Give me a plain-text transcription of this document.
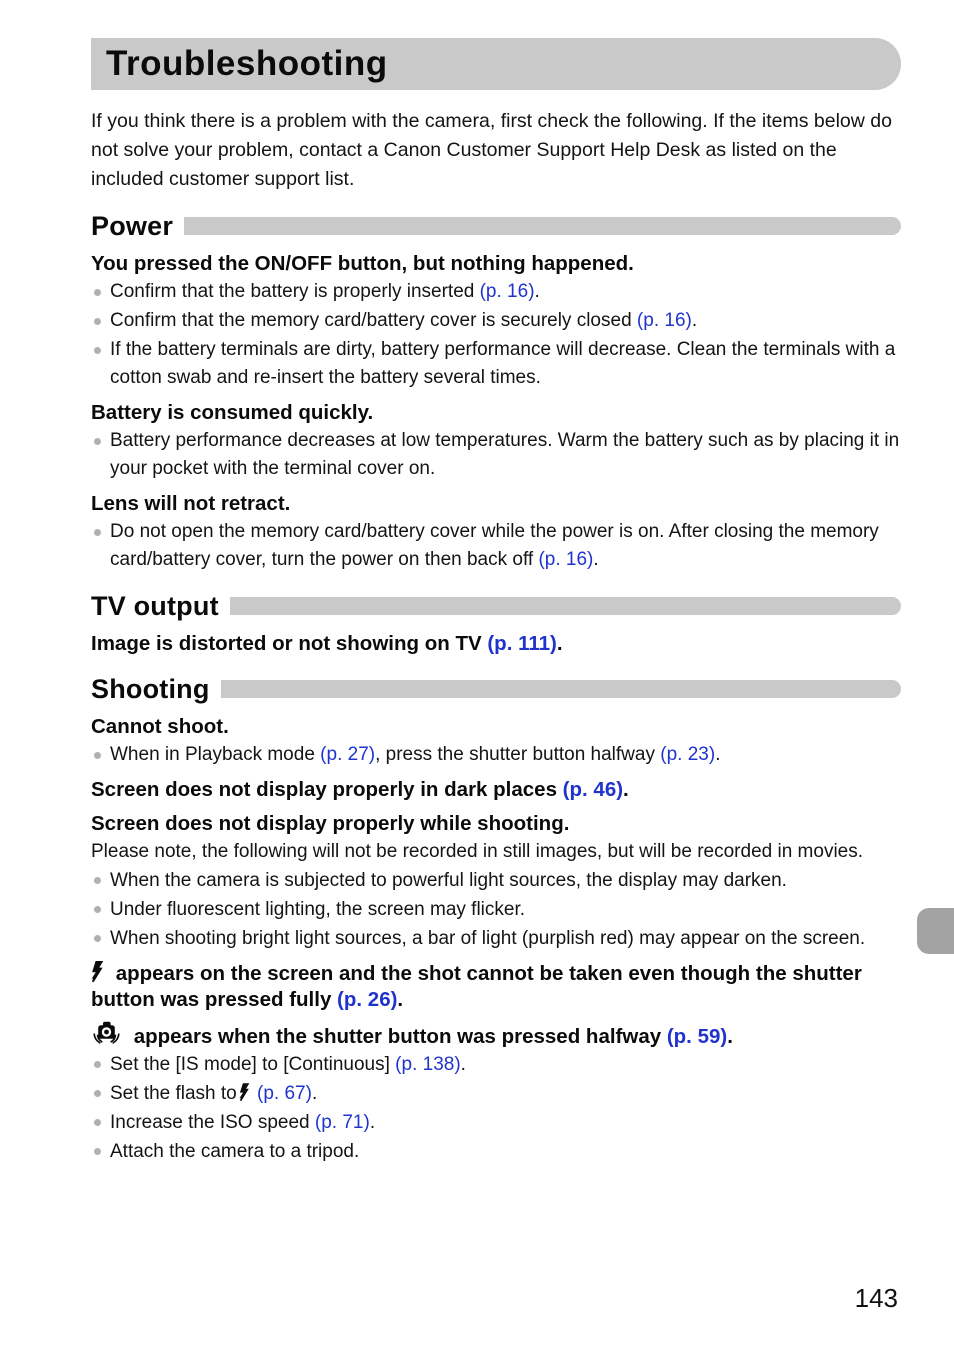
Troubleshooting

If you think there is a problem with the camera, first check the following. If the items below do not solve your problem, contact a Canon Customer Support Help Desk as listed on the included customer support list.

Power
You pressed the ON/OFF button, but nothing happened.
Confirm that the battery is properly inserted (p. 16).
Confirm that the memory card/battery cover is securely closed (p. 16).
If the battery terminals are dirty, battery performance will decrease. Clean the terminals with a cotton swab and re-insert the battery several times.
Battery is consumed quickly.
Battery performance decreases at low temperatures. Warm the battery such as by placing it in your pocket with the terminal cover on.
Lens will not retract.
Do not open the memory card/battery cover while the power is on. After closing the memory card/battery cover, turn the power on then back off (p. 16).
TV output
Image is distorted or not showing on TV (p. 111).
Shooting
Cannot shoot.
When in Playback mode (p. 27), press the shutter button halfway (p. 23).
Screen does not display properly in dark places (p. 46).
Screen does not display properly while shooting.
Please note, the following will not be recorded in still images, but will be recorded in movies.
When the camera is subjected to powerful light sources, the display may darken.
Under fluorescent lighting, the screen may flicker.
When shooting bright light sources, a bar of light (purplish red) may appear on the screen.
appears on the screen and the shot cannot be taken even though the shutter button was pressed fully (p. 26).
appears when the shutter button was pressed halfway (p. 59).
Set the [IS mode] to [Continuous] (p. 138).
Set the flash to (p. 67).
Increase the ISO speed (p. 71).
Attach the camera to a tripod.
143
